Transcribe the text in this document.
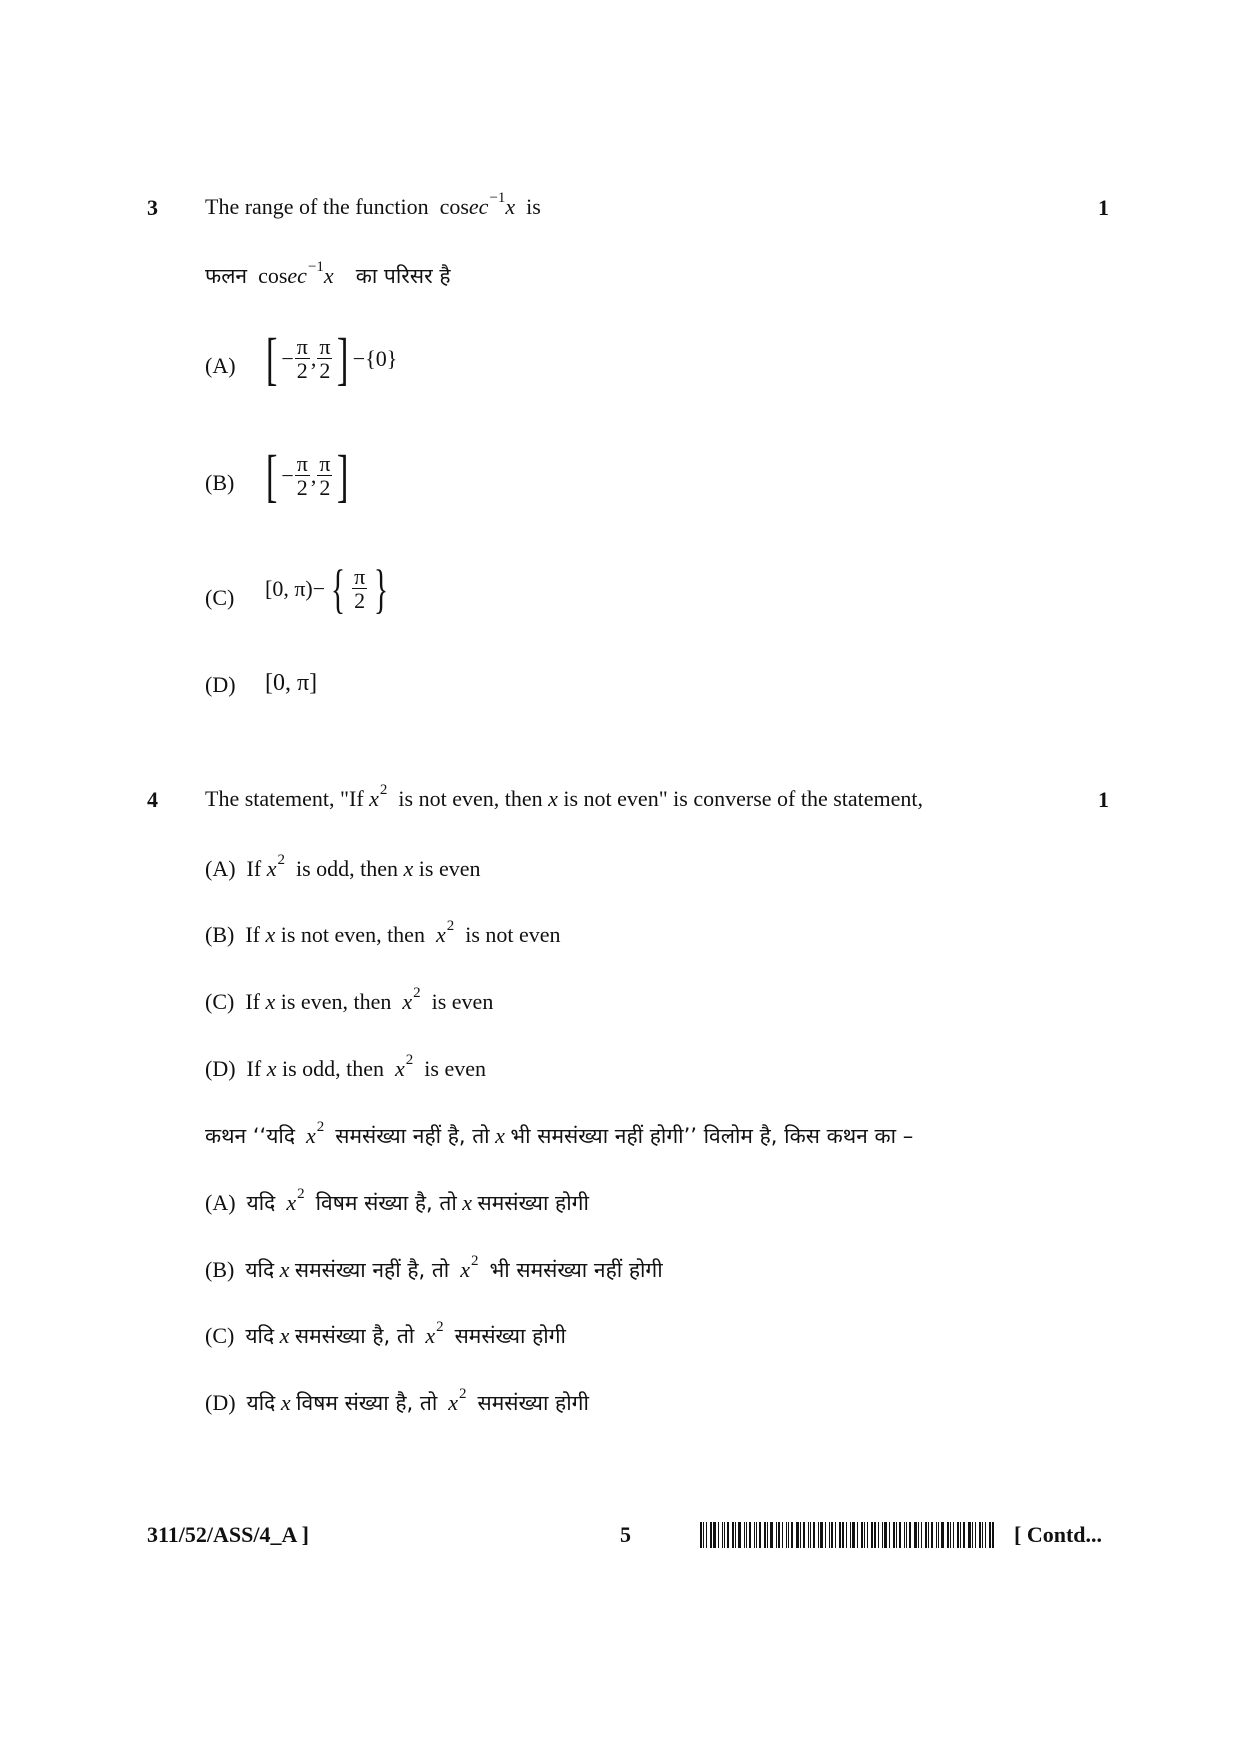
3 The range of the function cosec$^{-1}$x is	1
फलन cosec$^{-1}$x का परिसर है
(A) [ − $\frac{\pi}{2}$ , $\frac{\pi}{2}$ ] −{0}
(B) [ − $\frac{\pi}{2}$ , $\frac{\pi}{2}$ ]
(C) [0, π)− { $\frac{\pi}{2}$ }
(D) [0, π]
4 The statement, "If $x^2$ is not even, then x is not even" is converse of the statement,	1
(A) If $x^2$ is odd, then x is even
(B) If x is not even, then $x^2$ is not even
(C) If x is even, then $x^2$ is even
(D) If x is odd, then $x^2$ is even
कथन ‘‘यदि $x^2$ समसंख्या नहीं है, तो x भी समसंख्या नहीं होगी’’ विलोम है, किस कथन का –
(A) यदि $x^2$ विषम संख्या है, तो x समसंख्या होगी
(B) यदि x समसंख्या नहीं है, तो $x^2$ भी समसंख्या नहीं होगी
(C) यदि x समसंख्या है, तो $x^2$ समसंख्या होगी
(D) यदि x विषम संख्या है, तो $x^2$ समसंख्या होगी
311/52/ASS/4_A ]	5	[ Contd...
